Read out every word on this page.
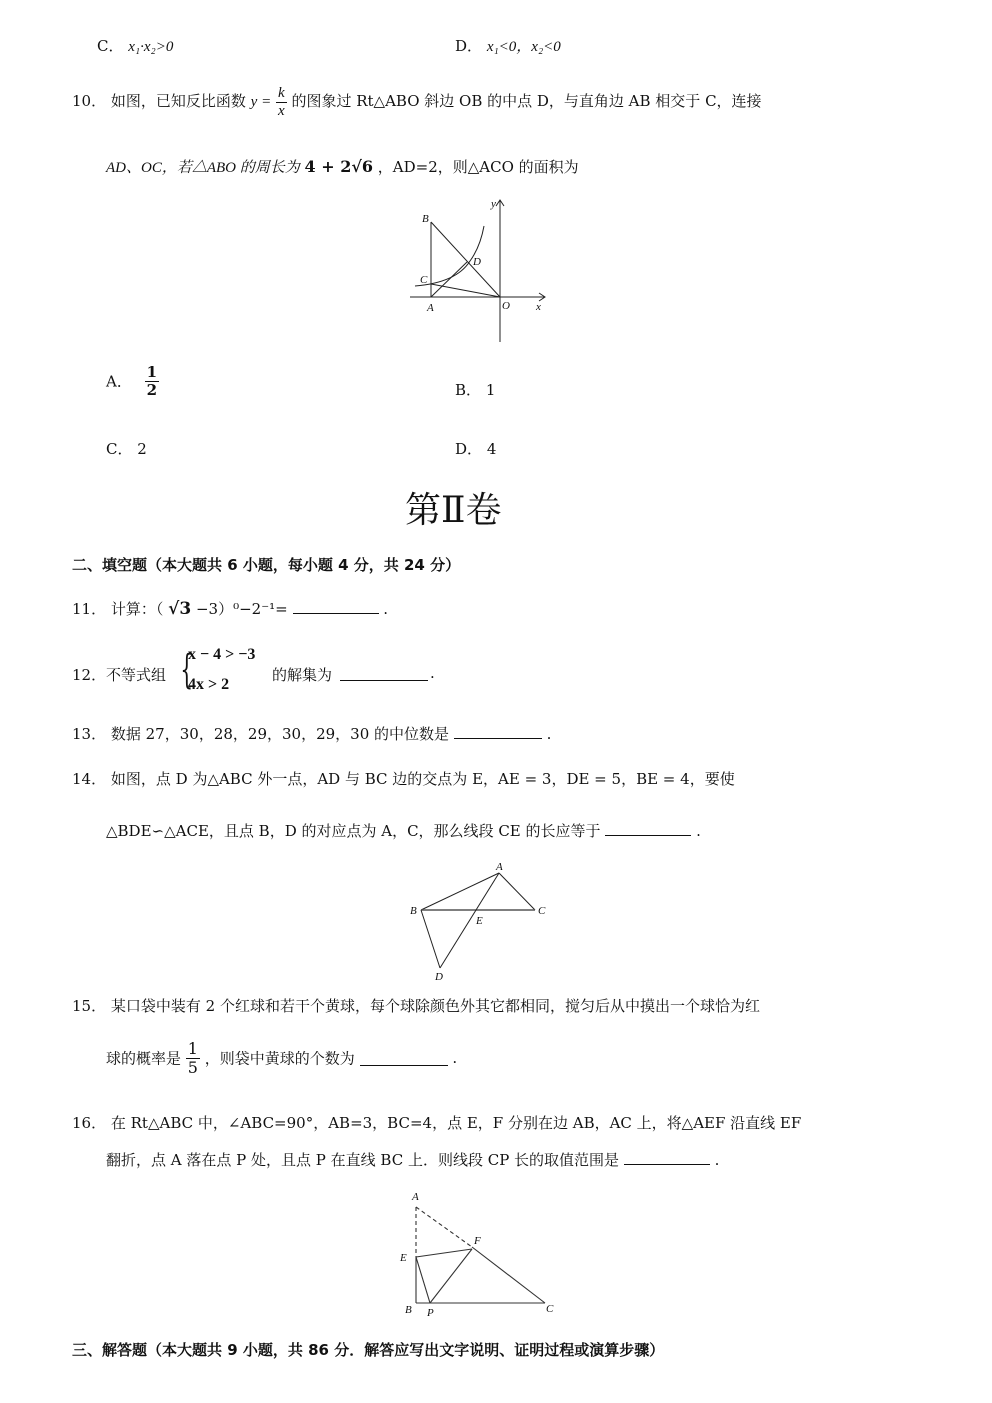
C． x₁·x₂>0	D． x₁<0，x₂<0
10． 如图，已知反比函数 $y = \frac{k}{x}$ 的图象过 Rt△ABO 斜边 OB 的中点 D，与直角边 AB 相交于 C，连接
AD、OC，若△ABO 的周长为 4 + 2√6 ，AD=2，则△ACO 的面积为
B
C
D
A	O x
y
A． $\frac{1}{2}$	B． 1
C． 2	D． 4
第Ⅱ卷
二、填空题（本大题共 6 小题，每小题 4 分，共 24 分）
11． 计算：（ √3 −3）⁰−2⁻¹=	.
12． 不等式组 {
x − 4 > −3
4x > 2
的解集为	.
13． 数据 27，30，28，29，30，29，30 的中位数是	.
14． 如图，点 D 为△ABC 外一点，AD 与 BC 边的交点为 E，AE = 3，DE = 5，BE = 4，要使
△BDE∽△ACE，且点 B，D 的对应点为 A，C，那么线段 CE 的长应等于	.
A
B	C
E
D
15． 某口袋中装有 2 个红球和若干个黄球，每个球除颜色外其它都相同，搅匀后从中摸出一个球恰为红
球的概率是 $\frac{1}{5}$ ，则袋中黄球的个数为	.
16． 在 Rt△ABC 中，∠ABC=90°，AB=3，BC=4，点 E，F 分别在边 AB，AC 上，将△AEF 沿直线 EF
翻折，点 A 落在点 P 处，且点 P 在直线 BC 上．则线段 CP 长的取值范围是	.
A
E
F
B P	C
三、解答题（本大题共 9 小题，共 86 分．解答应写出文字说明、证明过程或演算步骤）
